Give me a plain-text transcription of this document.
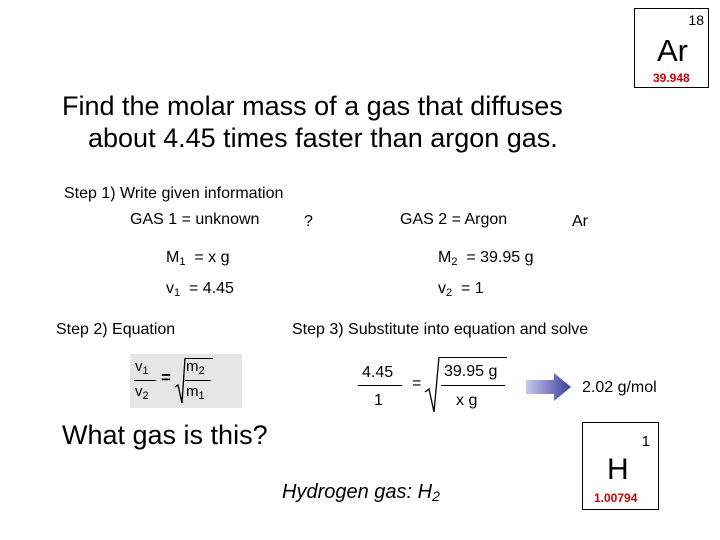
18
Ar
39.948
Find the molar mass of a gas that diffuses
about 4.45 times faster than argon gas.
Step 1) Write given information
GAS 1 = unknown	?	GAS 2 = Argon	Ar
$M_1 = x$ g	$M_2 = 39.95$ g
$v_1 = 4.45$	$v_2 = 1$
Step 2) Equation
$v_1$
$v_2$
=
$m_2$
$m_1$
Step 3) Substitute into equation and solve
4.45
1
=
39.95 g
x g
2.02 g/mol
What gas is this?
Hydrogen gas: $H_2$
1
H
1.00794
